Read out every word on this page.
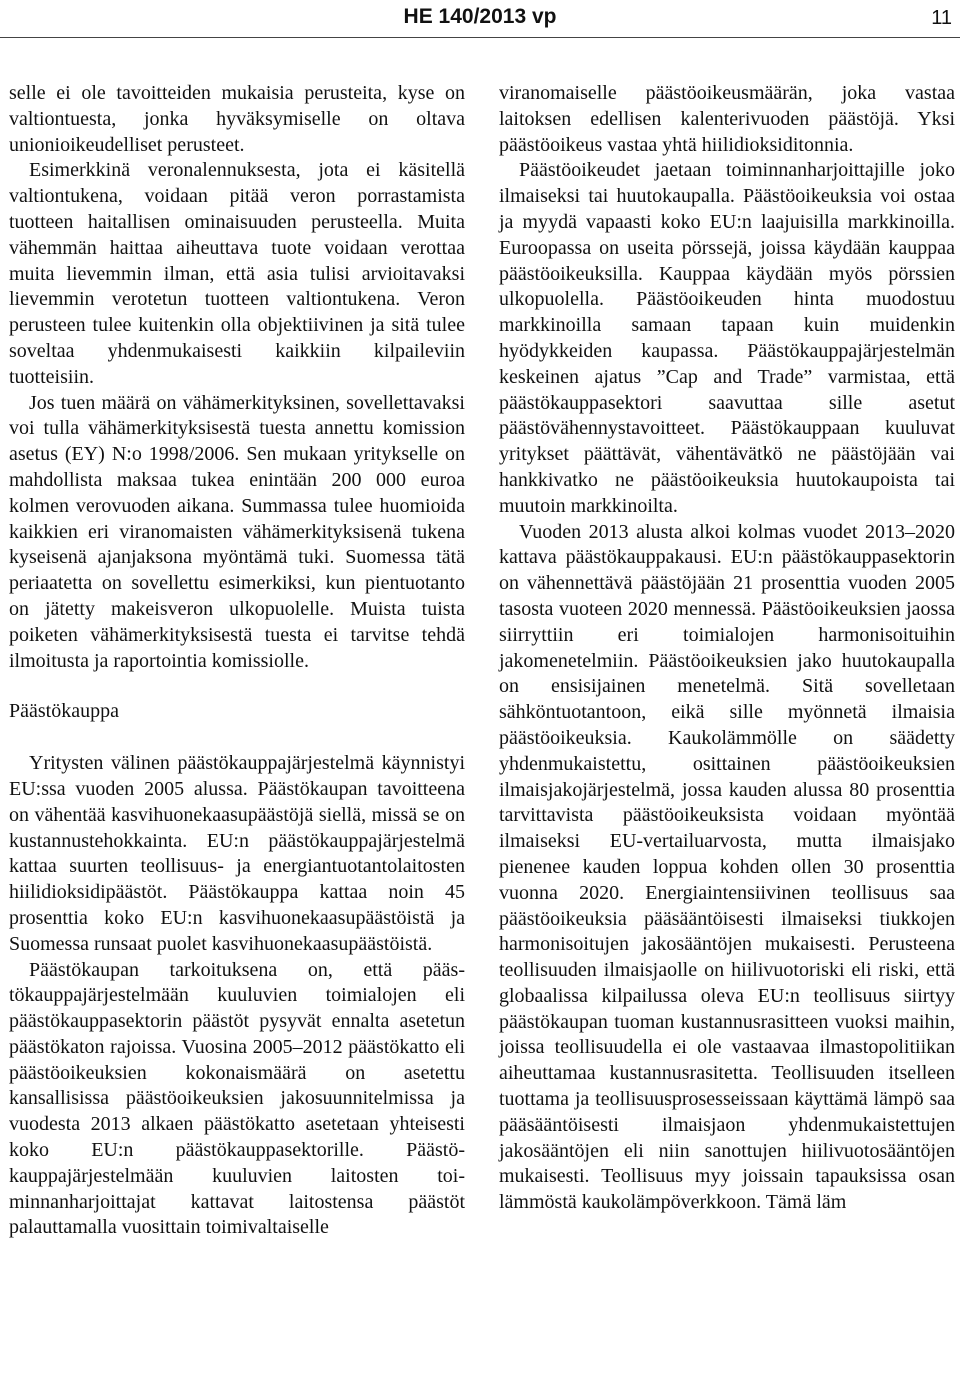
HE 140/2013 vp	11

selle ei ole tavoitteiden mukaisia perusteita, kyse on valtiontuesta, jonka hyväksymiselle on oltava unionioikeudelliset perusteet.

Esimerkkinä veronalennuksesta, jota ei käsitellä valtiontukena, voidaan pitää veron porrastamista tuotteen haitallisen ominaisuuden perusteella. Muita vähemmän haittaa aiheuttava tuote voidaan verottaa muita lievemmin ilman, että asia tulisi arvioitavaksi lievemmin verotetun tuotteen valtiontukena. Veron perusteen tulee kuitenkin olla objektiivinen ja sitä tulee soveltaa yhdenmukaisesti kaikkiin kilpaileviin tuotteisiin.

Jos tuen määrä on vähämerkityksinen, sovellettavaksi voi tulla vähämerkityksisestä tuesta annettu komission asetus (EY) N:o 1998/2006. Sen mukaan yritykselle on mahdollista maksaa tukea enintään 200 000 euroa kolmen verovuoden aikana. Summassa tulee huomioida kaikkien eri viranomaisten vähämerkityksisenä tukena kyseisenä ajanjaksona myöntämä tuki. Suomessa tätä periaatetta on sovellettu esimerkiksi, kun pientuotanto on jätetty makeisveron ulkopuolelle. Muista tuista poiketen vähämerkityksisestä tuesta ei tarvitse tehdä ilmoitusta ja raportointia komissiolle.

Päästökauppa

Yritysten välinen päästökauppajärjestelmä käynnistyi EU:ssa vuoden 2005 alussa. Päästökaupan tavoitteena on vähentää kasvihuonekaasupäästöjä siellä, missä se on kustannustehokkainta. EU:n päästökauppajärjestelmä kattaa suurten teollisuus- ja energiantuotantolaitosten hiilidioksidipäästöt. Päästökauppa kattaa noin 45 prosenttia koko EU:n kasvihuonekaasupäästöistä ja Suomessa runsaat puolet kasvihuonekaasupäästöistä.

Päästökaupan tarkoituksena on, että päästökauppajärjestelmään kuuluvien toimialojen eli päästökauppasektorin päästöt pysyvät ennalta asetetun päästökaton rajoissa. Vuosina 2005–2012 päästökatto eli päästöoikeuksien kokonaismäärä on asetettu kansallisissa päästöoikeuksien jakosuunnitelmissa ja vuodesta 2013 alkaen päästökatto asetetaan yhteisesti koko EU:n päästökauppasektorille. Päästökauppajärjestelmään kuuluvien laitosten toiminnanharjoittajat kattavat laitostensa päästöt palauttamalla vuosittain toimivaltaiselle

viranomaiselle päästöoikeusmäärän, joka vastaa laitoksen edellisen kalenterivuoden päästöjä. Yksi päästöoikeus vastaa yhtä hiilidioksiditonnia.

Päästöoikeudet jaetaan toiminnanharjoittajille joko ilmaiseksi tai huutokaupalla. Päästöoikeuksia voi ostaa ja myydä vapaasti koko EU:n laajuisilla markkinoilla. Euroopassa on useita pörssejä, joissa käydään kauppaa päästöoikeuksilla. Kauppaa käydään myös pörssien ulkopuolella. Päästöoikeuden hinta muodostuu markkinoilla samaan tapaan kuin muidenkin hyödykkeiden kaupassa. Päästökauppajärjestelmän keskeinen ajatus ”Cap and Trade” varmistaa, että päästökauppasektori saavuttaa sille asetut päästövähennystavoitteet. Päästökauppaan kuuluvat yritykset päättävät, vähentävätkö ne päästöjään vai hankkivatko ne päästöoikeuksia huutokaupoista tai muutoin markkinoilta.

Vuoden 2013 alusta alkoi kolmas vuodet 2013–2020 kattava päästökauppakausi. EU:n päästökauppasektorin on vähennettävä päästöjään 21 prosenttia vuoden 2005 tasosta vuoteen 2020 mennessä. Päästöoikeuksien jaossa siirryttiin eri toimialojen harmonisoituihin jakomenetelmiin. Päästöoikeuksien jako huutokaupalla on ensisijainen menetelmä. Sitä sovelletaan sähköntuotantoon, eikä sille myönnetä ilmaisia päästöoikeuksia. Kaukolämmölle on säädetty yhdenmukaistettu, osittainen päästöoikeuksien ilmaisjakojärjestelmä, jossa kauden alussa 80 prosenttia tarvittavista päästöoikeuksista voidaan myöntää ilmaiseksi EU-vertailuarvosta, mutta ilmaisjako pienenee kauden loppua kohden ollen 30 prosenttia vuonna 2020. Energiaintensiivinen teollisuus saa päästöoikeuksia pääsääntöisesti ilmaiseksi tiukkojen harmonisoitujen jakosääntöjen mukaisesti. Perusteena teollisuuden ilmaisjaolle on hiilivuotoriski eli riski, että globaalissa kilpailussa oleva EU:n teollisuus siirtyy päästökaupan tuoman kustannusrasitteen vuoksi maihin, joissa teollisuudella ei ole vastaavaa ilmastopolitiikan aiheuttamaa kustannusrasitetta. Teollisuuden itselleen tuottama ja teollisuusprosesseissaan käyttämä lämpö saa pääsääntöisesti ilmaisjaon yhdenmukaistettujen jakosääntöjen eli niin sanottujen hiilivuotosääntöjen mukaisesti. Teollisuus myy joissain tapauksissa osan lämmöstä kaukolämpöverkkoon. Tämä läm
